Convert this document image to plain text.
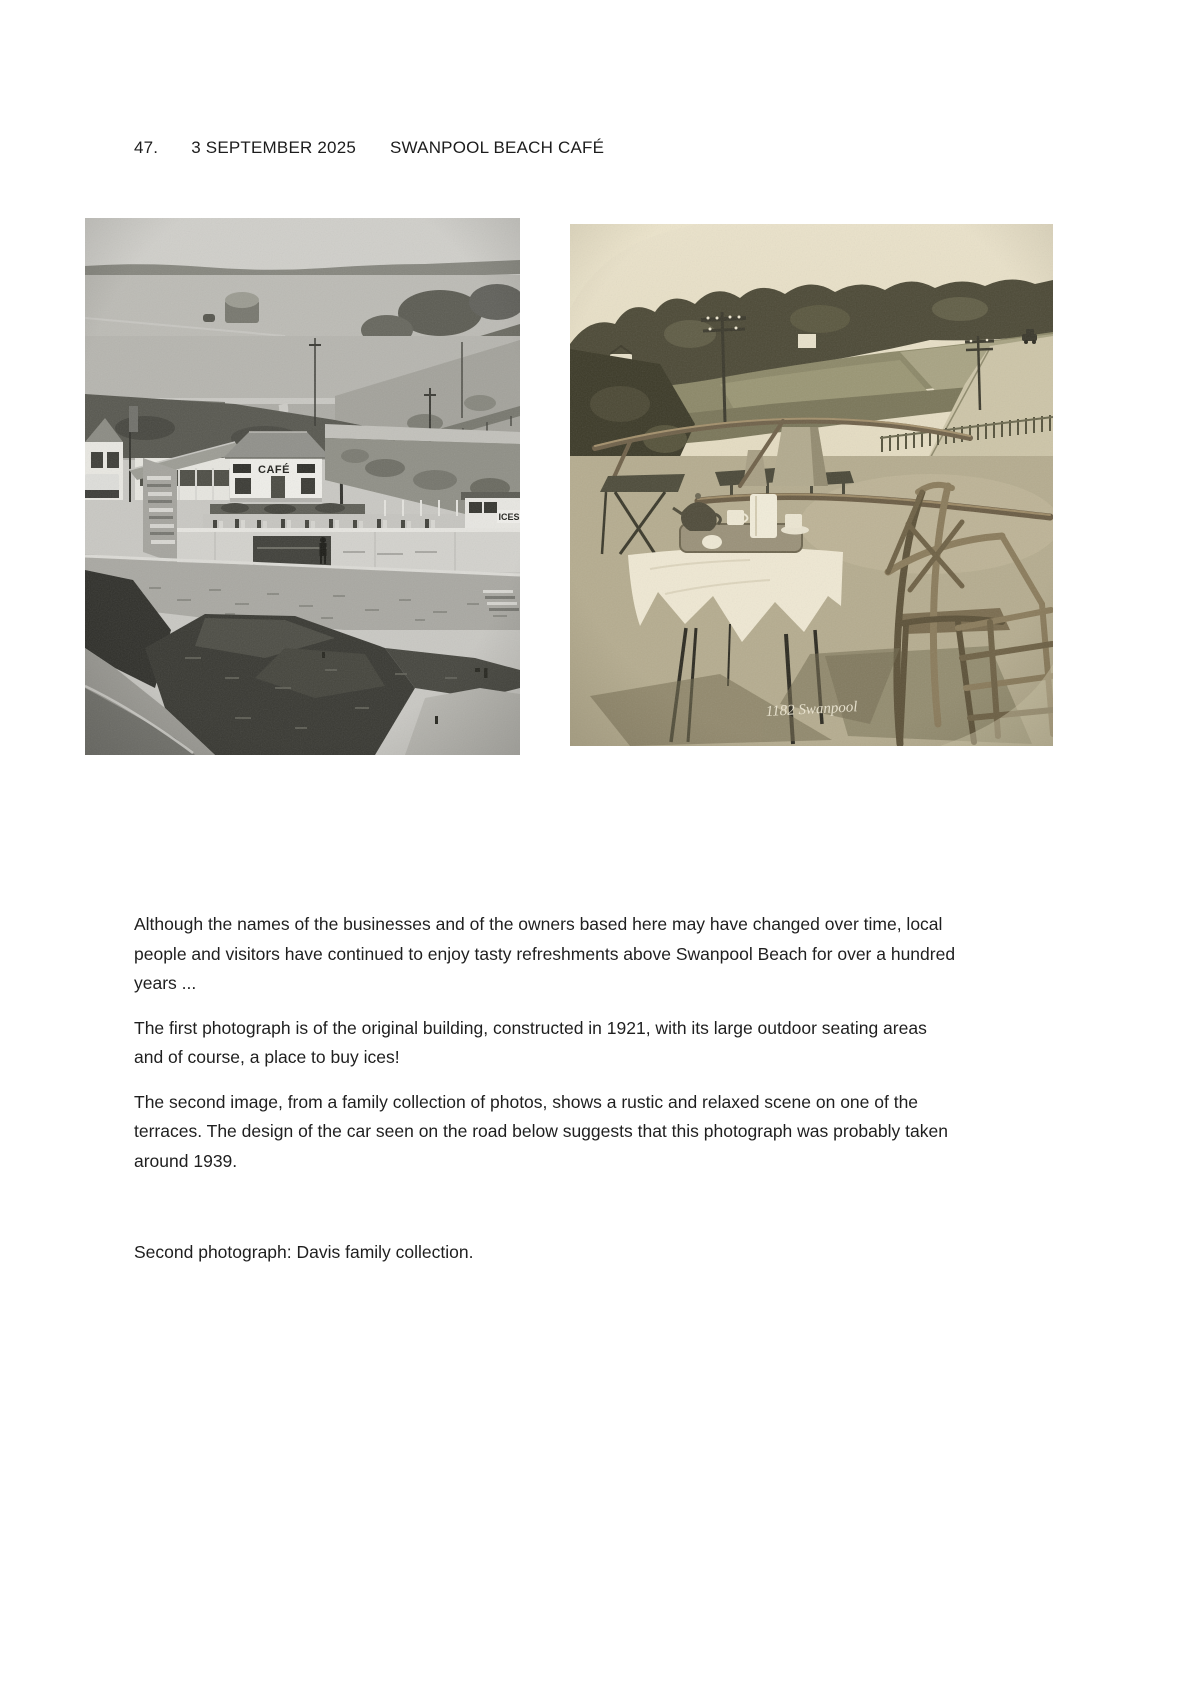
47. 3 SEPTEMBER 2025 SWANPOOL BEACH CAFÉ

Although the names of the businesses and of the owners based here may have changed over time, local people and visitors have continued to enjoy tasty refreshments above Swanpool Beach for over a hundred years ...

The first photograph is of the original building, constructed in 1921, with its large outdoor seating areas and of course, a place to buy ices!

The second image, from a family collection of photos, shows a rustic and relaxed scene on one of the terraces. The design of the car seen on the road below suggests that this photograph was probably taken around 1939.

Second photograph: Davis family collection.
